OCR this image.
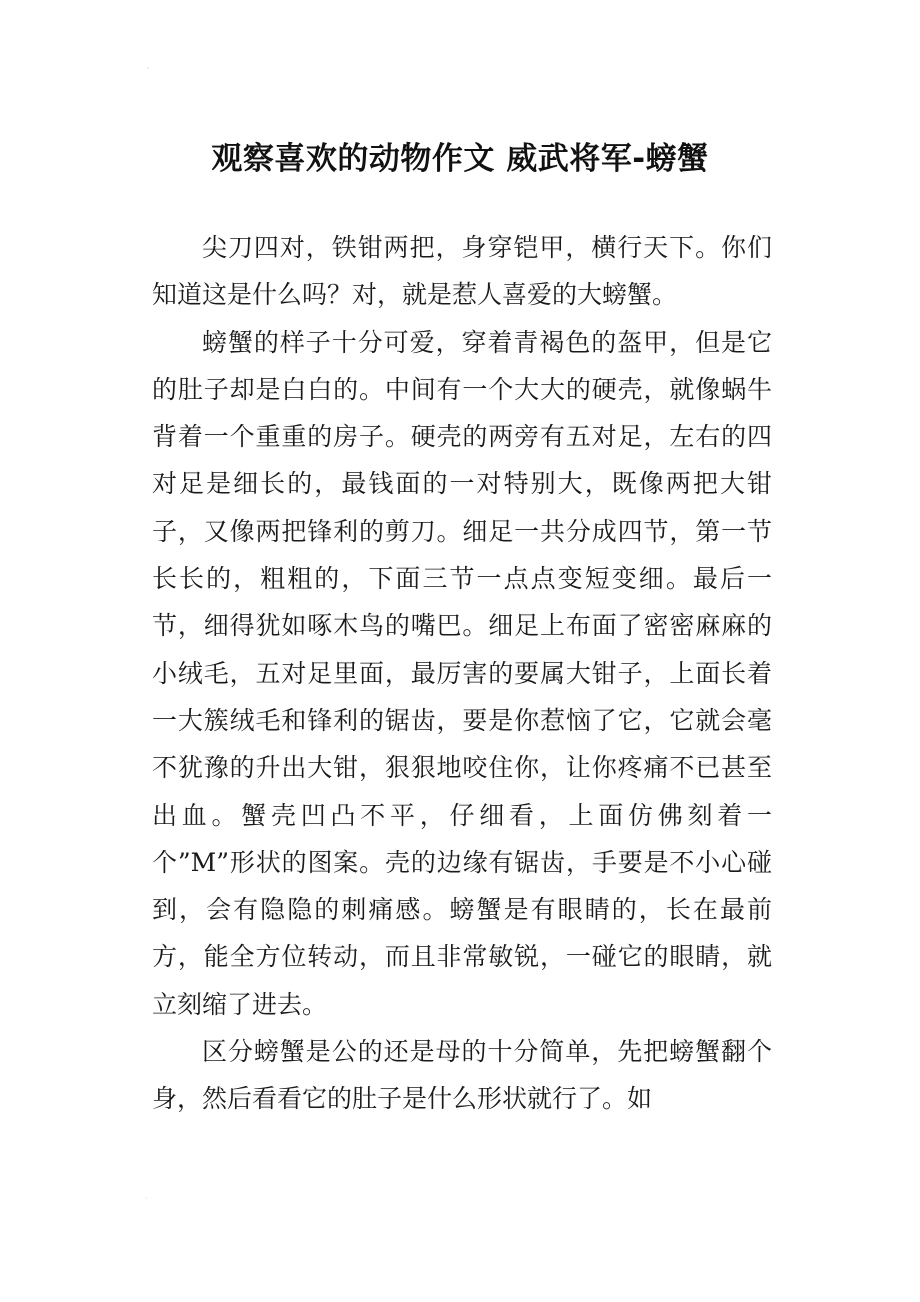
ˈ
·
观察喜欢的动物作文 威武将军-螃蟹

尖刀四对，铁钳两把，身穿铠甲，横行天下。你们知道这是什么吗？对，就是惹人喜爱的大螃蟹。

螃蟹的样子十分可爱，穿着青褐色的盔甲，但是它的肚子却是白白的。中间有一个大大的硬壳，就像蜗牛背着一个重重的房子。硬壳的两旁有五对足，左右的四对足是细长的，最钱面的一对特别大，既像两把大钳子，又像两把锋利的剪刀。细足一共分成四节，第一节长长的，粗粗的，下面三节一点点变短变细。最后一节，细得犹如啄木鸟的嘴巴。细足上布面了密密麻麻的小绒毛，五对足里面，最厉害的要属大钳子，上面长着一大簇绒毛和锋利的锯齿，要是你惹恼了它，它就会毫不犹豫的升出大钳，狠狠地咬住你，让你疼痛不已甚至出血。蟹壳凹凸不平，仔细看，上面仿佛刻着一个”M”形状的图案。壳的边缘有锯齿，手要是不小心碰到，会有隐隐的刺痛感。螃蟹是有眼睛的，长在最前方，能全方位转动，而且非常敏锐，一碰它的眼睛，就立刻缩了进去。

区分螃蟹是公的还是母的十分简单，先把螃蟹翻个身，然后看看它的肚子是什么形状就行了。如
